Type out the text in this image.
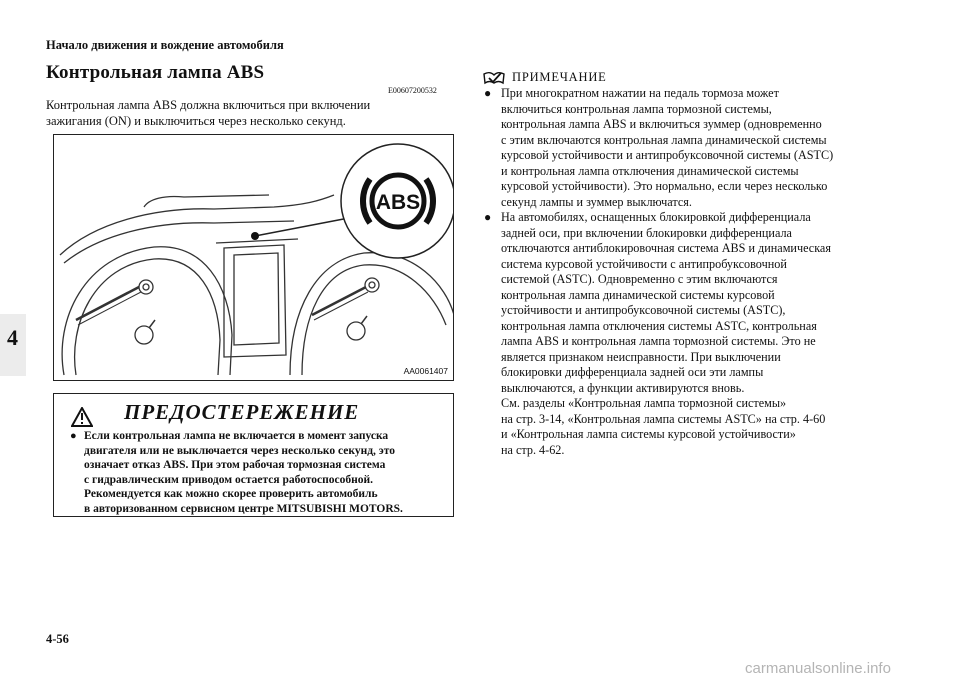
Начало движения и вождение автомобиля
4
Контрольная лампа ABS
E00607200532
Контрольная лампа ABS должна включиться при включении
зажигания (ON) и выключиться через несколько секунд.
ABS
AA0061407
ПРЕДОСТЕРЕЖЕНИЕ
● Если контрольная лампа не включается в момент запуска
двигателя или не выключается через несколько секунд, это
означает отказ ABS. При этом рабочая тормозная система
с гидравлическим приводом остается работоспособной.
Рекомендуется как можно скорее проверить автомобиль
в авторизованном сервисном центре MITSUBISHI MOTORS.
ПРИМЕЧАНИЕ
● При многократном нажатии на педаль тормоза может
включиться контрольная лампа тормозной системы,
контрольная лампа ABS и включиться зуммер (одновременно
с этим включаются контрольная лампа динамической системы
курсовой устойчивости и антипробуксовочной системы (ASTC)
и контрольная лампа отключения динамической системы
курсовой устойчивости). Это нормально, если через несколько
секунд лампы и зуммер выключатся.
● На автомобилях, оснащенных блокировкой дифференциала
задней оси, при включении блокировки дифференциала
отключаются антиблокировочная система ABS и динамическая
система курсовой устойчивости с антипробуксовочной
системой (ASTC). Одновременно с этим включаются
контрольная лампа динамической системы курсовой
устойчивости и антипробуксовочной системы (ASTC),
контрольная лампа отключения системы ASTC, контрольная
лампа ABS и контрольная лампа тормозной системы. Это не
является признаком неисправности. При выключении
блокировки дифференциала задней оси эти лампы
выключаются, а функции активируются вновь.
См. разделы «Контрольная лампа тормозной системы»
на стр. 3-14, «Контрольная лампа системы ASTC» на стр. 4-60
и «Контрольная лампа системы курсовой устойчивости»
на стр. 4-62.
4-56
carmanualsonline.info
